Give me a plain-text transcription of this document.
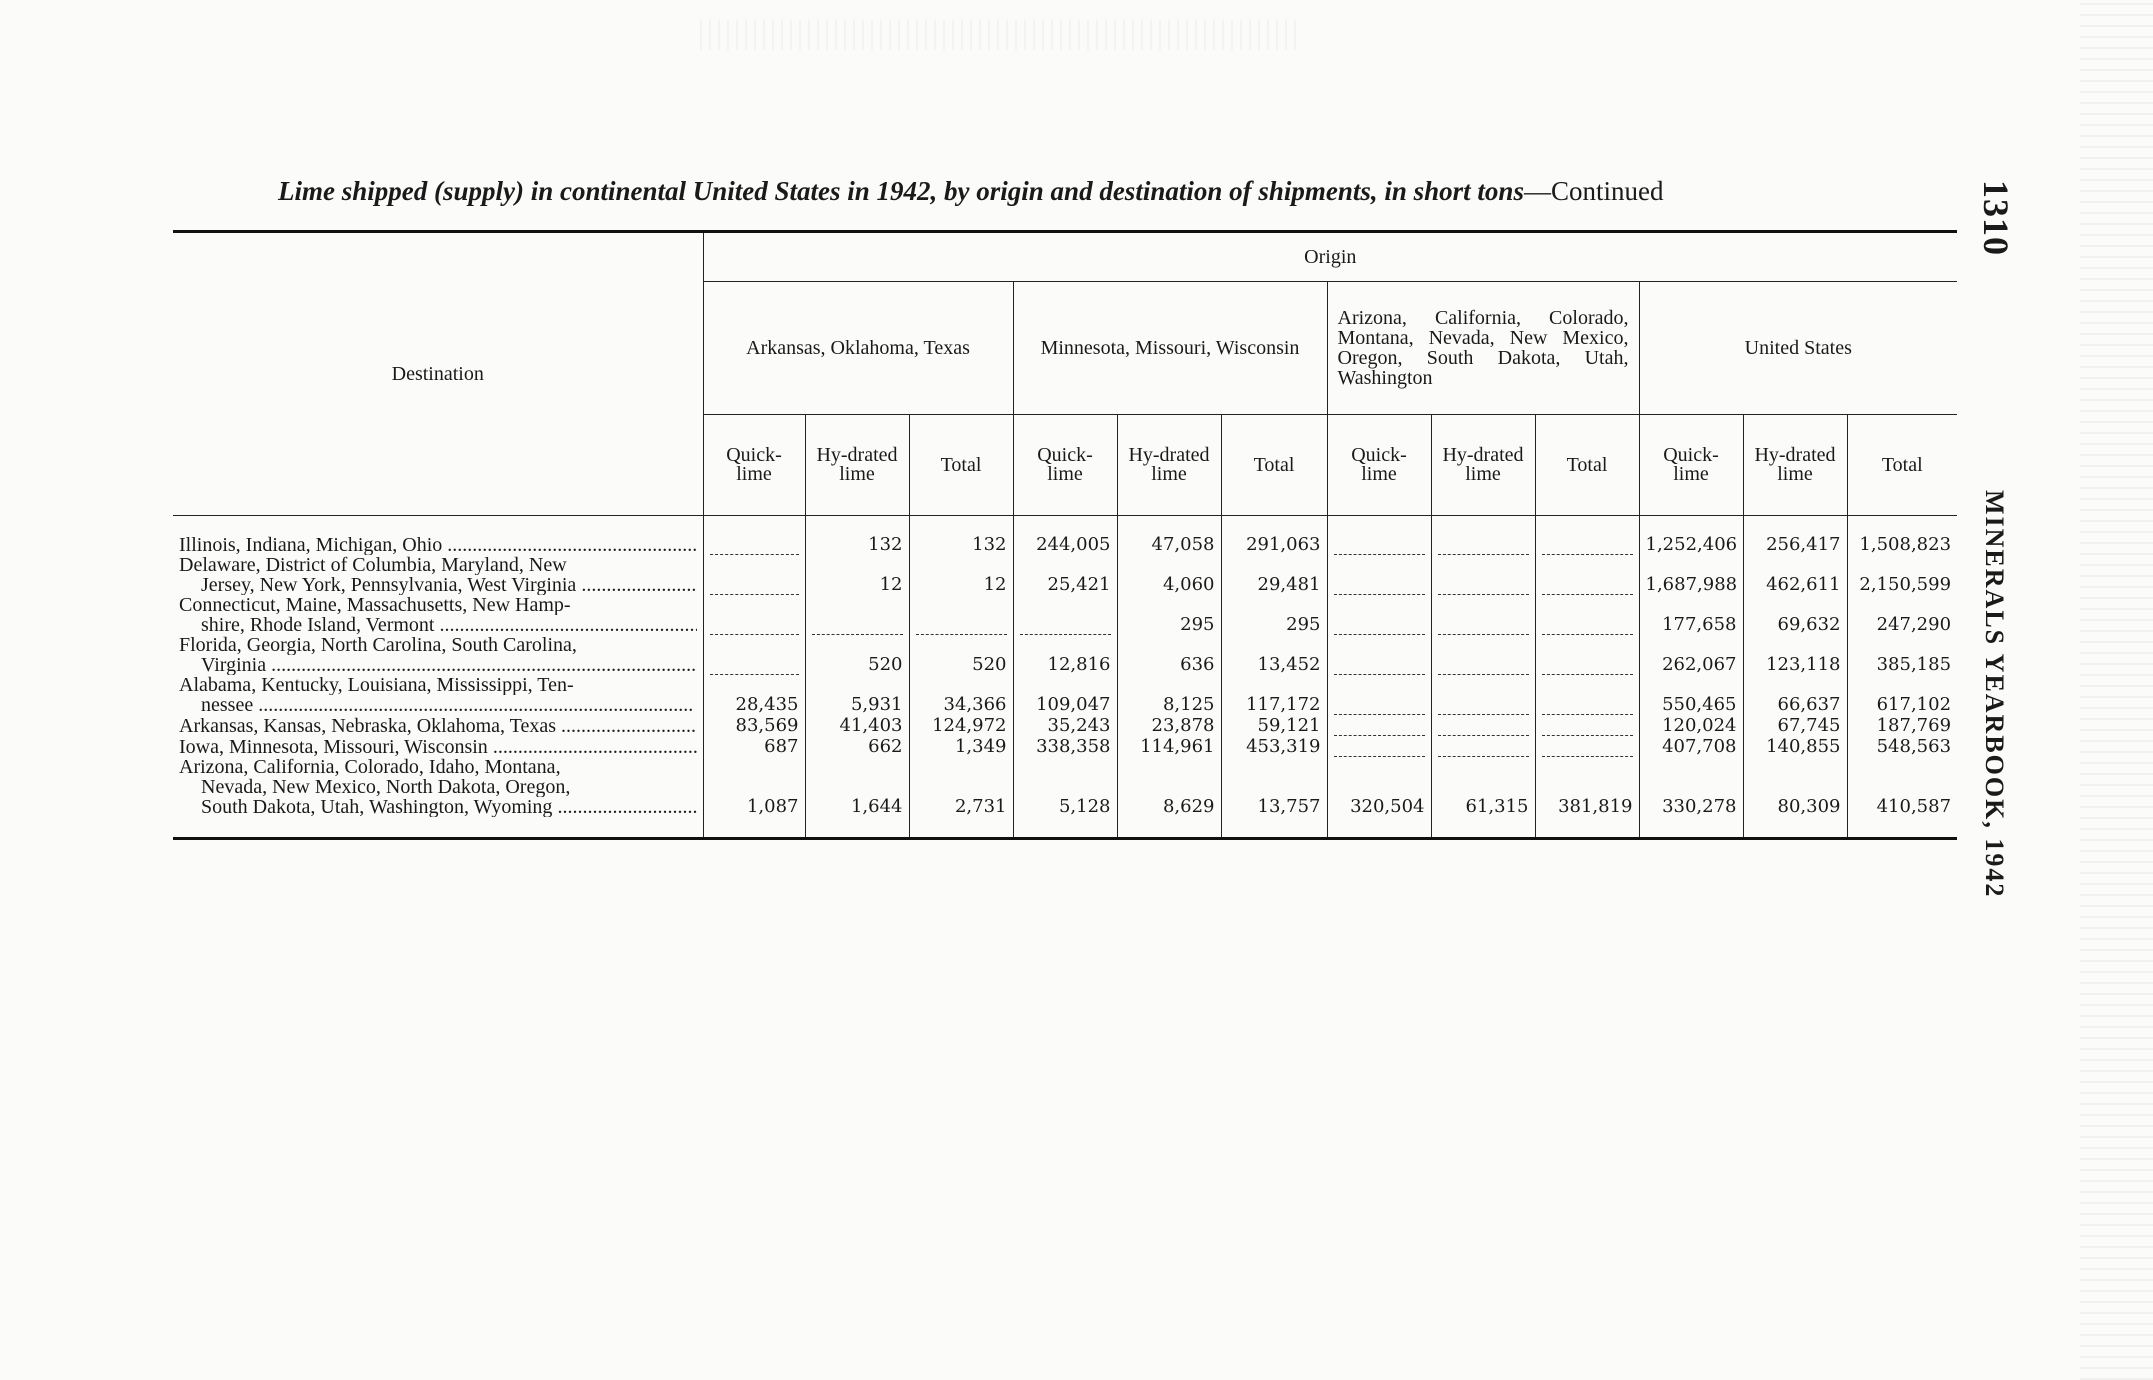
Lime shipped (supply) in continental United States in 1942, by origin and destination of shipments, in short tons—Continued	1310
MINERALS YEARBOOK, 1942
Destination	Origin											
	Arkansas, Oklahoma, Texas			Minnesota, Missouri, Wisconsin			Arizona, California, Colorado, Montana, Nevada, New Mexico, Oregon, South Dakota, Utah, Washington			United States		
	Quick-lime	Hy-drated lime	Total	Quick-lime	Hy-drated lime	Total	Quick-lime	Hy-drated lime	Total	Quick-lime	Hy-drated lime	Total

Illinois, Indiana, Michigan, Ohio .....		132	132	244,005	47,058	291,063				1,252,406	256,417	1,508,823

Delaware, District of Columbia, Maryland, New
Jersey, New York, Pennsylvania, West Virginia .....		12	12	25,421	4,060	29,481				1,687,988	462,611	2,150,599

Connecticut, Maine, Massachusetts, New Hamp-
shire, Rhode Island, Vermont .....					295	295				177,658	69,632	247,290

Florida, Georgia, North Carolina, South Carolina,
Virginia .....		520	520	12,816	636	13,452				262,067	123,118	385,185

Alabama, Kentucky, Louisiana, Mississippi, Ten-
nessee .....	28,435	5,931	34,366	109,047	8,125	117,172				550,465	66,637	617,102

Arkansas, Kansas, Nebraska, Oklahoma, Texas .....	83,569	41,403	124,972	35,243	23,878	59,121				120,024	67,745	187,769

Iowa, Minnesota, Missouri, Wisconsin .....	687	662	1,349	338,358	114,961	453,319				407,708	140,855	548,563

Arizona, California, Colorado, Idaho, Montana,
Nevada, New Mexico, North Dakota, Oregon,
South Dakota, Utah, Washington, Wyoming .....	1,087	1,644	2,731	5,128	8,629	13,757	320,504	61,315	381,819	330,278	80,309	410,587
